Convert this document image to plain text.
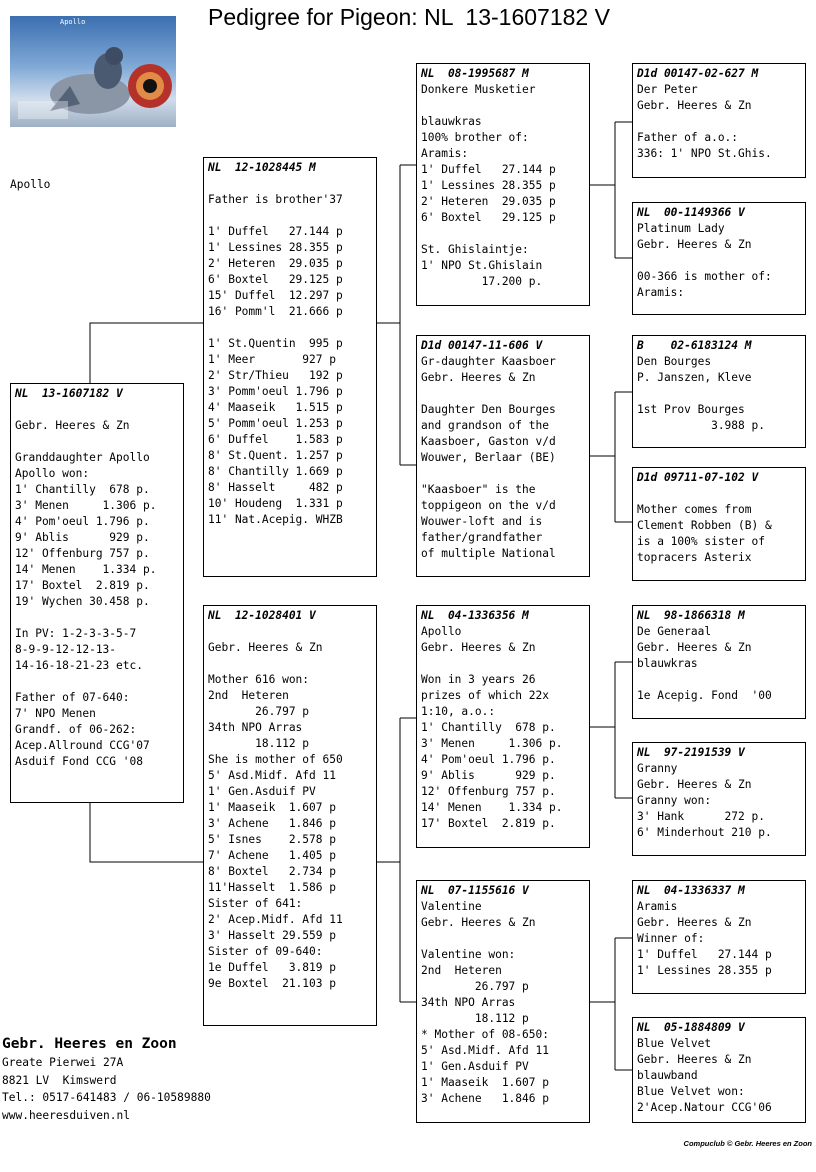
Pedigree for Pigeon: NL  13-1607182 V
Apollo
Apollo
NL  13-1607182 V
Gebr. Heeres & Zn
Granddaughter Apollo
Apollo won:
1' Chantilly  678 p.
3' Menen     1.306 p.
4' Pom'oeul 1.796 p.
9' Ablis      929 p.
12' Offenburg 757 p.
14' Menen    1.334 p.
17' Boxtel  2.819 p.
19' Wychen 30.458 p.
In PV: 1-2-3-3-5-7
8-9-9-12-12-13-
14-16-18-21-23 etc.
Father of 07-640:
7' NPO Menen
Grandf. of 06-262:
Acep.Allround CCG'07
Asduif Fond CCG '08
NL  12-1028445 M
Father is brother'37
1' Duffel   27.144 p
1' Lessines 28.355 p
2' Heteren  29.035 p
6' Boxtel   29.125 p
15' Duffel  12.297 p
16' Pomm'l  21.666 p
1' St.Quentin  995 p
1' Meer       927 p
2' Str/Thieu   192 p
3' Pomm'oeul 1.796 p
4' Maaseik   1.515 p
5' Pomm'oeul 1.253 p
6' Duffel    1.583 p
8' St.Quent. 1.257 p
8' Chantilly 1.669 p
8' Hasselt     482 p
10' Houdeng  1.331 p
11' Nat.Acepig. WHZB
NL  12-1028401 V
Gebr. Heeres & Zn
Mother 616 won:
2nd  Heteren
26.797 p
34th NPO Arras
18.112 p
She is mother of 650
5' Asd.Midf. Afd 11
1' Gen.Asduif PV
1' Maaseik  1.607 p
3' Achene   1.846 p
5' Isnes    2.578 p
7' Achene   1.405 p
8' Boxtel   2.734 p
11'Hasselt  1.586 p
Sister of 641:
2' Acep.Midf. Afd 11
3' Hasselt 29.559 p
Sister of 09-640:
1e Duffel   3.819 p
9e Boxtel  21.103 p
NL  08-1995687 M
Donkere Musketier
blauwkras
100% brother of:
Aramis:
1' Duffel   27.144 p
1' Lessines 28.355 p
2' Heteren  29.035 p
6' Boxtel   29.125 p
St. Ghislaintje:
1' NPO St.Ghislain
17.200 p.
D1d 00147-11-606 V
Gr-daughter Kaasboer
Gebr. Heeres & Zn
Daughter Den Bourges
and grandson of the
Kaasboer, Gaston v/d
Wouwer, Berlaar (BE)
"Kaasboer" is the
toppigeon on the v/d
Wouwer-loft and is
father/grandfather
of multiple National
NL  04-1336356 M
Apollo
Gebr. Heeres & Zn
Won in 3 years 26
prizes of which 22x
1:10, a.o.:
1' Chantilly  678 p.
3' Menen     1.306 p.
4' Pom'oeul 1.796 p.
9' Ablis      929 p.
12' Offenburg 757 p.
14' Menen    1.334 p.
17' Boxtel  2.819 p.
NL  07-1155616 V
Valentine
Gebr. Heeres & Zn
Valentine won:
2nd  Heteren
26.797 p
34th NPO Arras
18.112 p
* Mother of 08-650:
5' Asd.Midf. Afd 11
1' Gen.Asduif PV
1' Maaseik  1.607 p
3' Achene   1.846 p
D1d 00147-02-627 M
Der Peter
Gebr. Heeres & Zn
Father of a.o.:
336: 1' NPO St.Ghis.
NL  00-1149366 V
Platinum Lady
Gebr. Heeres & Zn
00-366 is mother of:
Aramis:
B    02-6183124 M
Den Bourges
P. Janszen, Kleve
1st Prov Bourges
3.988 p.
D1d 09711-07-102 V
Mother comes from
Clement Robben (B) &
is a 100% sister of
topracers Asterix
NL  98-1866318 M
De Generaal
Gebr. Heeres & Zn
blauwkras
1e Acepig. Fond  '00
NL  97-2191539 V
Granny
Gebr. Heeres & Zn
Granny won:
3' Hank      272 p.
6' Minderhout 210 p.
NL  04-1336337 M
Aramis
Gebr. Heeres & Zn
Winner of:
1' Duffel   27.144 p
1' Lessines 28.355 p
NL  05-1884809 V
Blue Velvet
Gebr. Heeres & Zn
blauwband
Blue Velvet won:
2'Acep.Natour CCG'06
Gebr. Heeres en Zoon
Greate Pierwei 27A
8821 LV  Kimswerd
Tel.: 0517-641483 / 06-10589880
www.heeresduiven.nl
Compuclub © Gebr. Heeres en Zoon
